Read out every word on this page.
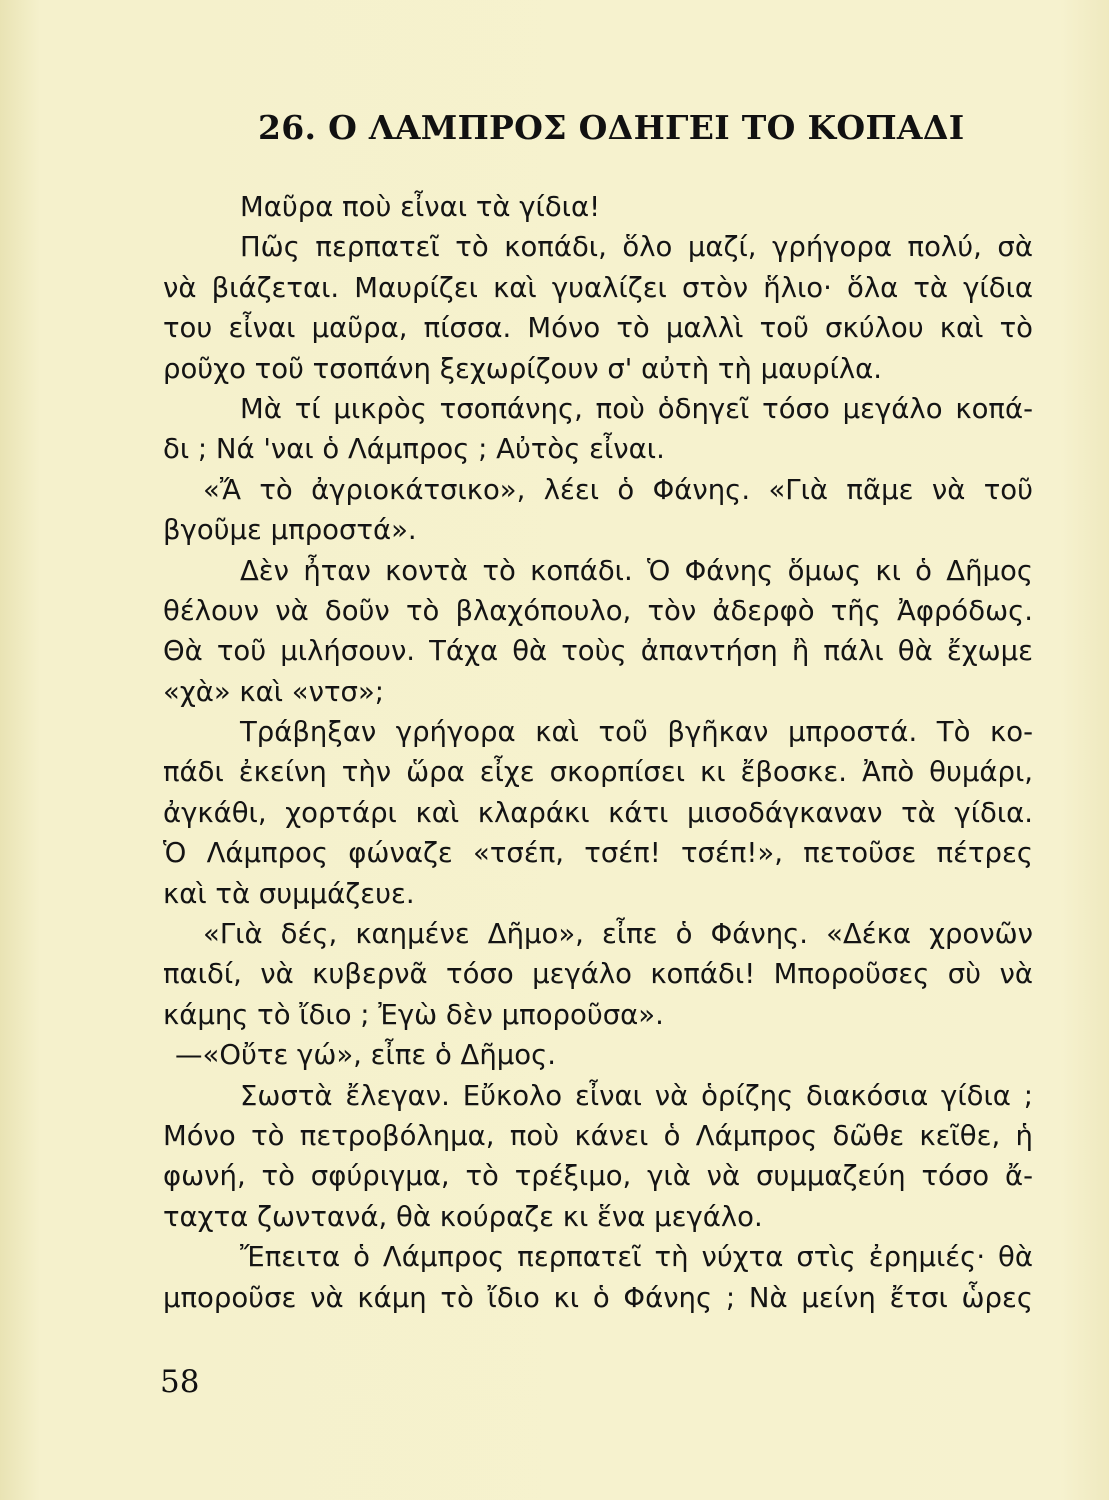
26. Ο ΛΑΜΠΡΟΣ ΟΔΗΓΕΙ ΤΟ ΚΟΠΑΔΙ
Μαῦρα ποὺ εἶναι τὰ γίδια!
Πῶς περπατεῖ τὸ κοπάδι, ὅλο μαζί, γρήγορα πολύ, σὰ
νὰ βιάζεται. Μαυρίζει καὶ γυαλίζει στὸν ἥλιο· ὅλα τὰ γίδια
του εἶναι μαῦρα, πίσσα. Μόνο τὸ μαλλὶ τοῦ σκύλου καὶ τὸ
ροῦχο τοῦ τσοπάνη ξεχωρίζουν σ' αὐτὴ τὴ μαυρίλα.
Μὰ τί μικρὸς τσοπάνης, ποὺ ὁδηγεῖ τόσο μεγάλο κοπά-
δι ; Νά 'ναι ὁ Λάμπρος ; Αὐτὸς εἶναι.
«Ἄ τὸ ἀγριοκάτσικο», λέει ὁ Φάνης. «Γιὰ πᾶμε νὰ τοῦ
βγοῦμε μπροστά».
Δὲν ἦταν κοντὰ τὸ κοπάδι. Ὁ Φάνης ὅμως κι ὁ Δῆμος
θέλουν νὰ δοῦν τὸ βλαχόπουλο, τὸν ἀδερφὸ τῆς Ἀφρόδως.
Θὰ τοῦ μιλήσουν. Τάχα θὰ τοὺς ἀπαντήση ἢ πάλι θὰ ἔχωμε
«χὰ» καὶ «ντσ»;
Τράβηξαν γρήγορα καὶ τοῦ βγῆκαν μπροστά. Τὸ κο-
πάδι ἐκείνη τὴν ὥρα εἶχε σκορπίσει κι ἔβοσκε. Ἀπὸ θυμάρι,
ἀγκάθι, χορτάρι καὶ κλαράκι κάτι μισοδάγκαναν τὰ γίδια.
Ὁ Λάμπρος φώναζε «τσέπ, τσέπ! τσέπ!», πετοῦσε πέτρες
καὶ τὰ συμμάζευε.
«Γιὰ δές, καημένε Δῆμο», εἶπε ὁ Φάνης. «Δέκα χρονῶν
παιδί, νὰ κυβερνᾶ τόσο μεγάλο κοπάδι! Μποροῦσες σὺ νὰ
κάμης τὸ ἴδιο ; Ἐγὼ δὲν μποροῦσα».
—«Οὔτε γώ», εἶπε ὁ Δῆμος.
Σωστὰ ἔλεγαν. Εὔκολο εἶναι νὰ ὁρίζης διακόσια γίδια ;
Μόνο τὸ πετροβόλημα, ποὺ κάνει ὁ Λάμπρος δῶθε κεῖθε, ἡ
φωνή, τὸ σφύριγμα, τὸ τρέξιμο, γιὰ νὰ συμμαζεύη τόσο ἄ-
ταχτα ζωντανά, θὰ κούραζε κι ἕνα μεγάλο.
Ἔπειτα ὁ Λάμπρος περπατεῖ τὴ νύχτα στὶς ἐρημιές· θὰ
μποροῦσε νὰ κάμη τὸ ἴδιο κι ὁ Φάνης ; Νὰ μείνη ἔτσι ὧρες
58
